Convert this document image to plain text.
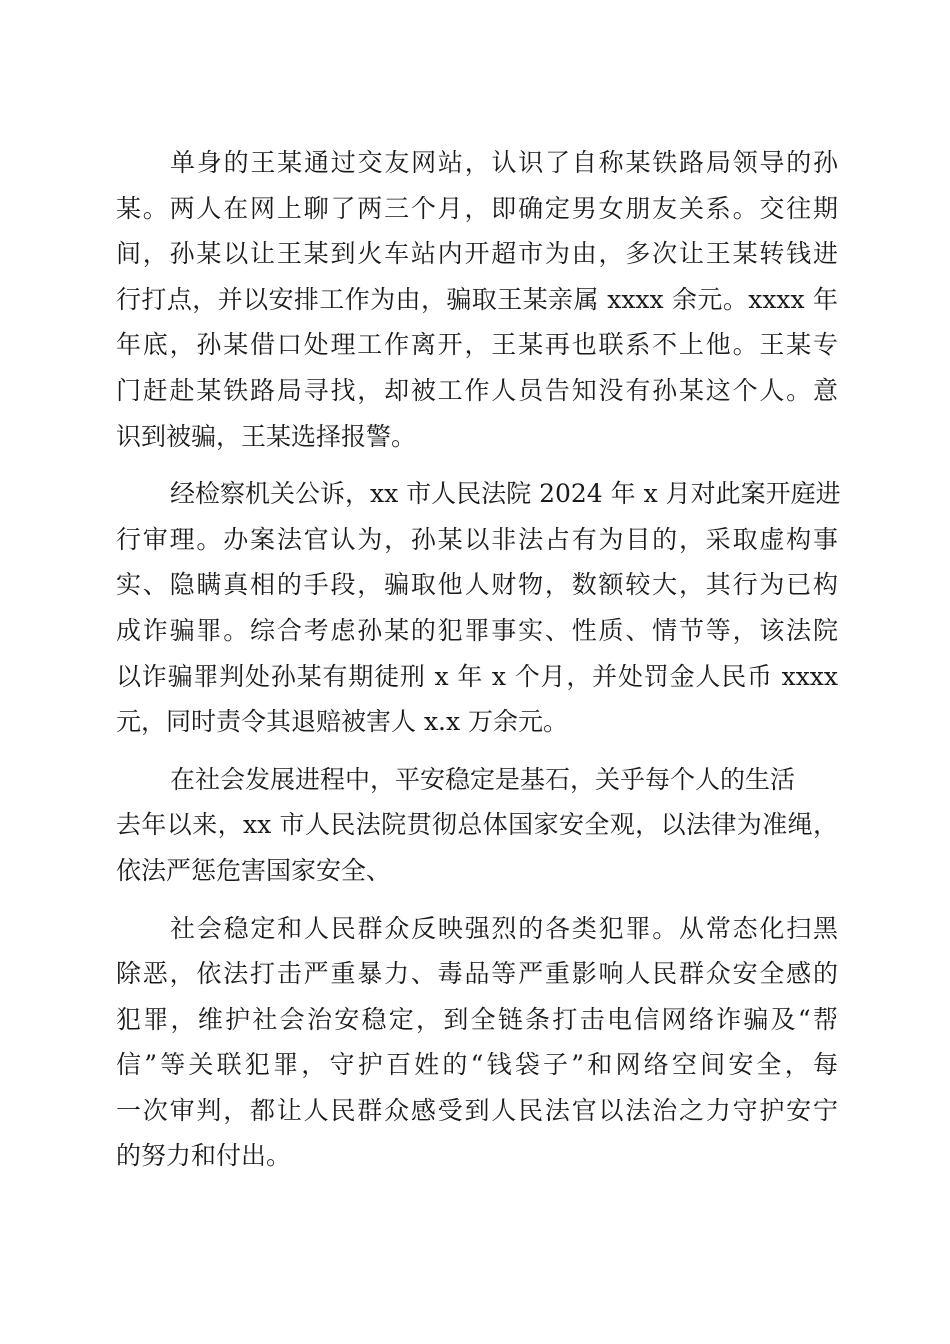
单身的王某通过交友网站，认识了自称某铁路局领导的孙
某。两人在网上聊了两三个月，即确定男女朋友关系。交往期
间，孙某以让王某到火车站内开超市为由，多次让王某转钱进
行打点，并以安排工作为由，骗取王某亲属 xxxx 余元。xxxx 年
年底，孙某借口处理工作离开，王某再也联系不上他。王某专
门赶赴某铁路局寻找，却被工作人员告知没有孙某这个人。意
识到被骗，王某选择报警。
经检察机关公诉，xx 市人民法院 2024 年 x 月对此案开庭进
行审理。办案法官认为，孙某以非法占有为目的，采取虚构事
实、隐瞒真相的手段，骗取他人财物，数额较大，其行为已构
成诈骗罪。综合考虑孙某的犯罪事实、性质、情节等，该法院
以诈骗罪判处孙某有期徒刑 x 年 x 个月，并处罚金人民币 xxxx
元，同时责令其退赔被害人 x.x 万余元。
在社会发展进程中，平安稳定是基石，关乎每个人的生活
去年以来，xx 市人民法院贯彻总体国家安全观，以法律为准绳，
依法严惩危害国家安全、
社会稳定和人民群众反映强烈的各类犯罪。从常态化扫黑
除恶，依法打击严重暴力、毒品等严重影响人民群众安全感的
犯罪，维护社会治安稳定，到全链条打击电信网络诈骗及“帮
信”等关联犯罪，守护百姓的“钱袋子”和网络空间安全，每
一次审判，都让人民群众感受到人民法官以法治之力守护安宁
的努力和付出。
